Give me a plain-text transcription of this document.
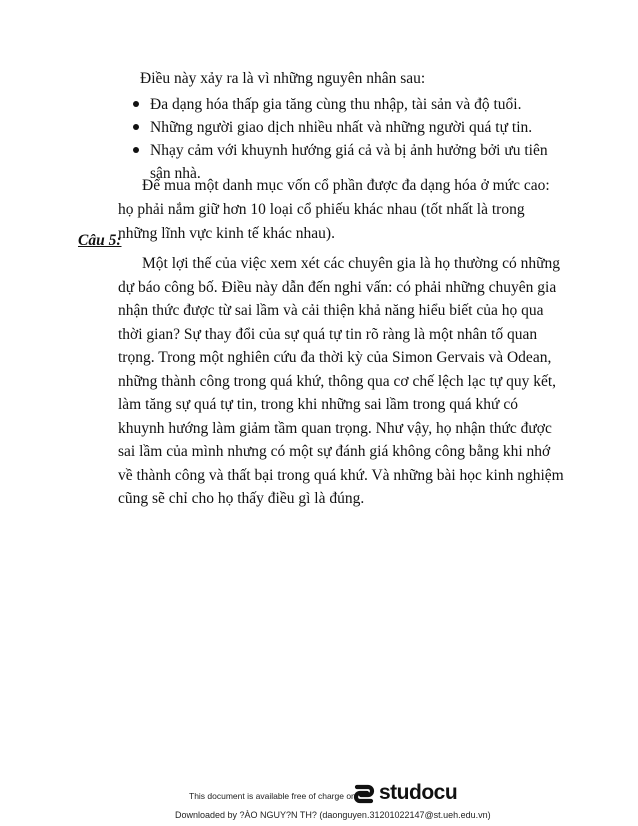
Điều này xảy ra là vì những nguyên nhân sau:
Đa dạng hóa thấp gia tăng cùng thu nhập, tài sản và độ tuổi.
Những người giao dịch nhiều nhất và những người quá tự tin.
Nhạy cảm với khuynh hướng giá cả và bị ảnh hưởng bởi ưu tiên sân nhà.

Để mua một danh mục vốn cổ phần được đa dạng hóa ở mức cao: họ phải nắm giữ hơn 10 loại cổ phiếu khác nhau (tốt nhất là trong những lĩnh vực kinh tế khác nhau).

Câu 5:

Một lợi thế của việc xem xét các chuyên gia là họ thường có những dự báo công bố. Điều này dẫn đến nghi vấn: có phải những chuyên gia nhận thức được từ sai lầm và cải thiện khả năng hiểu biết của họ qua thời gian? Sự thay đổi của sự quá tự tin rõ ràng là một nhân tố quan trọng. Trong một nghiên cứu đa thời kỳ của Simon Gervais và Odean, những thành công trong quá khứ, thông qua cơ chế lệch lạc tự quy kết, làm tăng sự quá tự tin, trong khi những sai lầm trong quá khứ có khuynh hướng làm giảm tầm quan trọng. Như vậy, họ nhận thức được sai lầm của mình nhưng có một sự đánh giá không công bằng khi nhớ về thành công và thất bại trong quá khứ. Và những bài học kinh nghiệm cũng sẽ chỉ cho họ thấy điều gì là đúng.

This document is available free of charge on studocu
Downloaded by ?ÀO NGUY?N TH? (daonguyen.31201022147@st.ueh.edu.vn)
